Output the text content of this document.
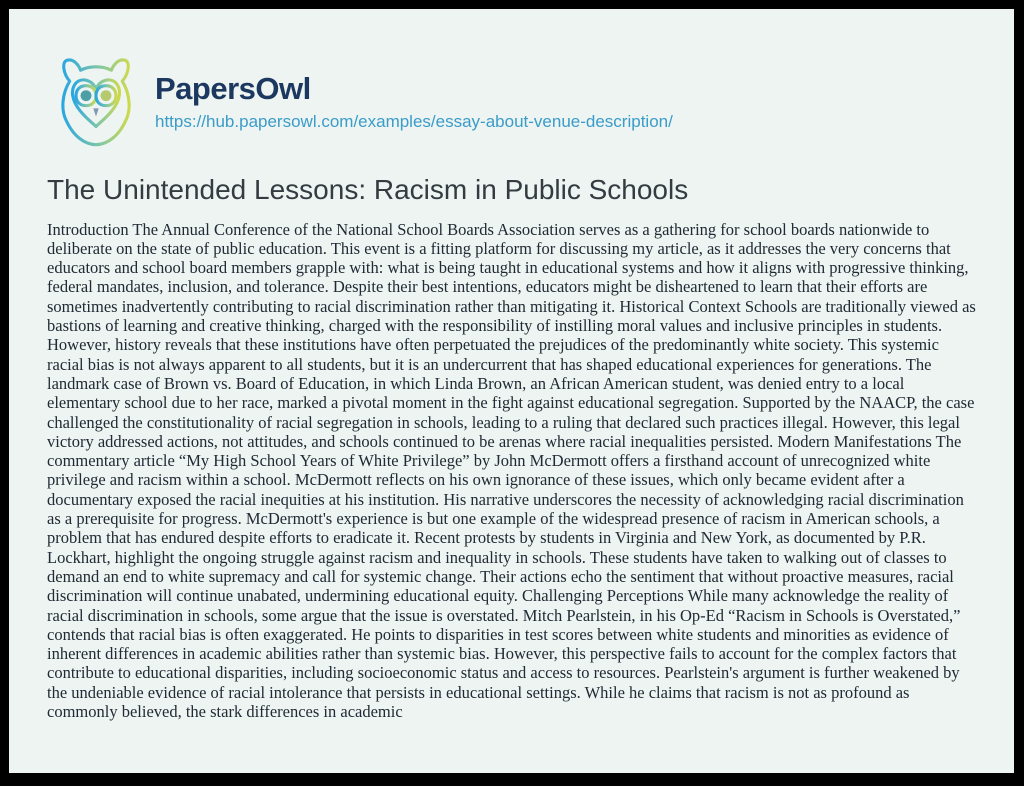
PapersOwl
https://hub.papersowl.com/examples/essay-about-venue-description/
The Unintended Lessons: Racism in Public Schools

Introduction The Annual Conference of the National School Boards Association serves as a gathering for school boards nationwide to deliberate on the state of public education. This event is a fitting platform for discussing my article, as it addresses the very concerns that educators and school board members grapple with: what is being taught in educational systems and how it aligns with progressive thinking, federal mandates, inclusion, and tolerance. Despite their best intentions, educators might be disheartened to learn that their efforts are sometimes inadvertently contributing to racial discrimination rather than mitigating it. Historical Context Schools are traditionally viewed as bastions of learning and creative thinking, charged with the responsibility of instilling moral values and inclusive principles in students. However, history reveals that these institutions have often perpetuated the prejudices of the predominantly white society. This systemic racial bias is not always apparent to all students, but it is an undercurrent that has shaped educational experiences for generations. The landmark case of Brown vs. Board of Education, in which Linda Brown, an African American student, was denied entry to a local elementary school due to her race, marked a pivotal moment in the fight against educational segregation. Supported by the NAACP, the case challenged the constitutionality of racial segregation in schools, leading to a ruling that declared such practices illegal. However, this legal victory addressed actions, not attitudes, and schools continued to be arenas where racial inequalities persisted. Modern Manifestations The commentary article “My High School Years of White Privilege” by John McDermott offers a firsthand account of unrecognized white privilege and racism within a school. McDermott reflects on his own ignorance of these issues, which only became evident after a documentary exposed the racial inequities at his institution. His narrative underscores the necessity of acknowledging racial discrimination as a prerequisite for progress. McDermott's experience is but one example of the widespread presence of racism in American schools, a problem that has endured despite efforts to eradicate it. Recent protests by students in Virginia and New York, as documented by P.R. Lockhart, highlight the ongoing struggle against racism and inequality in schools. These students have taken to walking out of classes to demand an end to white supremacy and call for systemic change. Their actions echo the sentiment that without proactive measures, racial discrimination will continue unabated, undermining educational equity. Challenging Perceptions While many acknowledge the reality of racial discrimination in schools, some argue that the issue is overstated. Mitch Pearlstein, in his Op-Ed “Racism in Schools is Overstated,” contends that racial bias is often exaggerated. He points to disparities in test scores between white students and minorities as evidence of inherent differences in academic abilities rather than systemic bias. However, this perspective fails to account for the complex factors that contribute to educational disparities, including socioeconomic status and access to resources. Pearlstein's argument is further weakened by the undeniable evidence of racial intolerance that persists in educational settings. While he claims that racism is not as profound as commonly believed, the stark differences in academic
